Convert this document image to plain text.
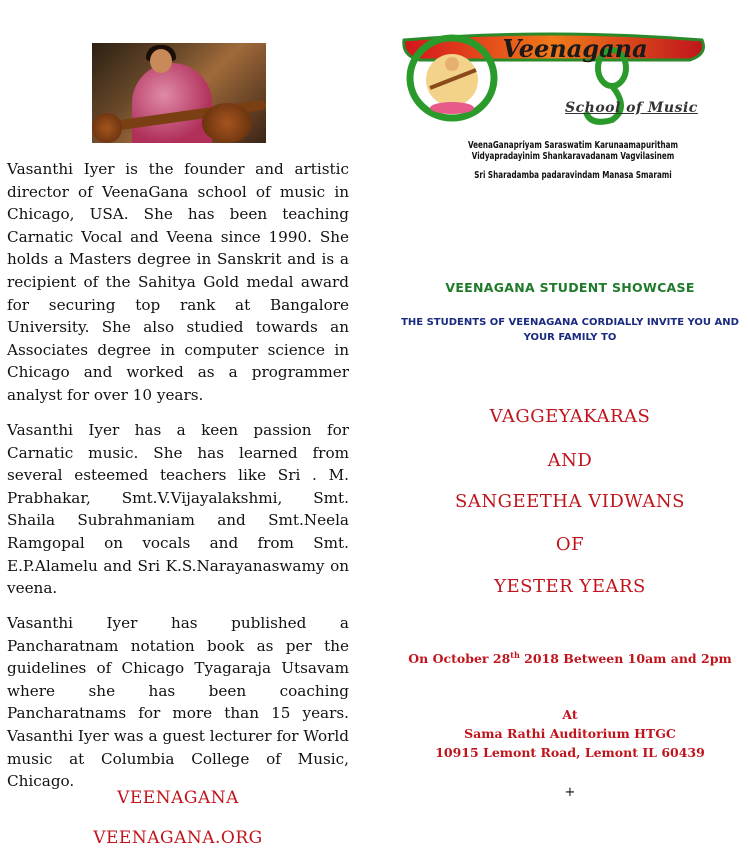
Vasanthi Iyer is the founder and artistic director of VeenaGana school of music in Chicago, USA. She has been teaching Carnatic Vocal and Veena since 1990. She holds a Masters degree in Sanskrit and is a recipient of the Sahitya Gold medal award for securing top rank at Bangalore University. She also studied towards an Associates degree in computer science in Chicago and worked as a programmer analyst for over 10 years.

Vasanthi Iyer has a keen passion for Carnatic music. She has learned from several esteemed teachers like Sri . M. Prabhakar, Smt.V.Vijayalakshmi, Smt. Shaila Subrahmaniam and Smt.Neela Ramgopal on vocals and from Smt. E.P.Alamelu and Sri K.S.Narayanaswamy on veena.

Vasanthi Iyer has published a Pancharatnam notation book as per the guidelines of Chicago Tyagaraja Utsavam where she has been coaching Pancharatnams for more than 15 years. Vasanthi Iyer was a guest lecturer for World music at Columbia College of Music, Chicago.

VEENAGANA
VEENAGANA.ORG
Veenagana
School of Music
VeenaGanapriyam Saraswatim Karunaamapuritham Vidyapradayinim Shankaravadanam Vagvilasinem
Sri Sharadamba padaravindam Manasa Smarami
VEENAGANA STUDENT SHOWCASE
THE STUDENTS OF VEENAGANA CORDIALLY INVITE YOU AND YOUR FAMILY TO
VAGGEYAKARAS
AND
SANGEETHA VIDWANS
OF
YESTER YEARS
On October 28th 2018 Between 10am and 2pm
At
Sama Rathi Auditorium HTGC
10915 Lemont Road, Lemont IL 60439
+
